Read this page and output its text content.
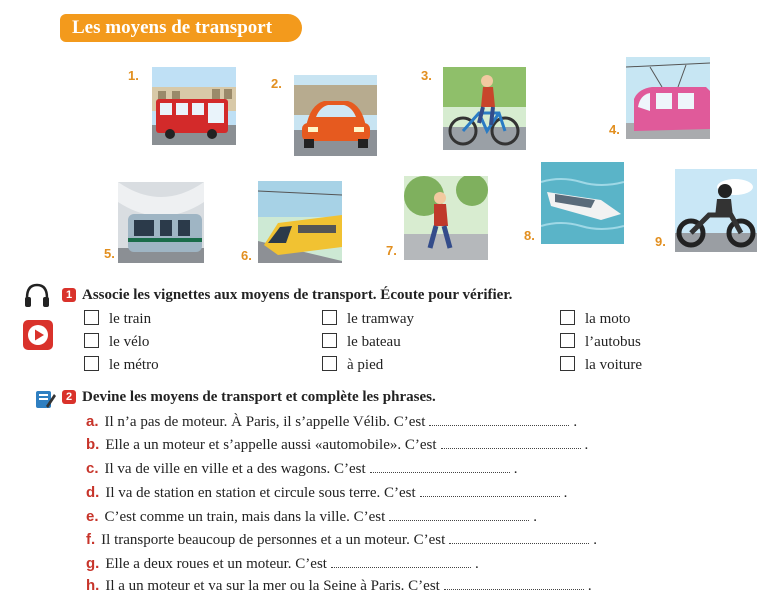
Les moyens de transport
1.
2.
3.
4.
5.	6.	7.
8.	9.
1 Associe les vignettes aux moyens de transport. Écoute pour vérifier.
le train	le tramway	la moto
le vélo	le bateau	l’autobus
le métro	à pied	la voiture
2 Devine les moyens de transport et complète les phrases.
a. Il n’a pas de moteur. À Paris, il s’appelle Vélib. C’est	.
b. Elle a un moteur et s’appelle aussi «automobile». C’est	.
c. Il va de ville en ville et a des wagons. C’est	.
d. Il va de station en station et circule sous terre. C’est	.
e. C’est comme un train, mais dans la ville. C’est	.
f. Il transporte beaucoup de personnes et a un moteur. C’est	.
g. Elle a deux roues et un moteur. C’est	.
h. Il a un moteur et va sur la mer ou la Seine à Paris. C’est	.
